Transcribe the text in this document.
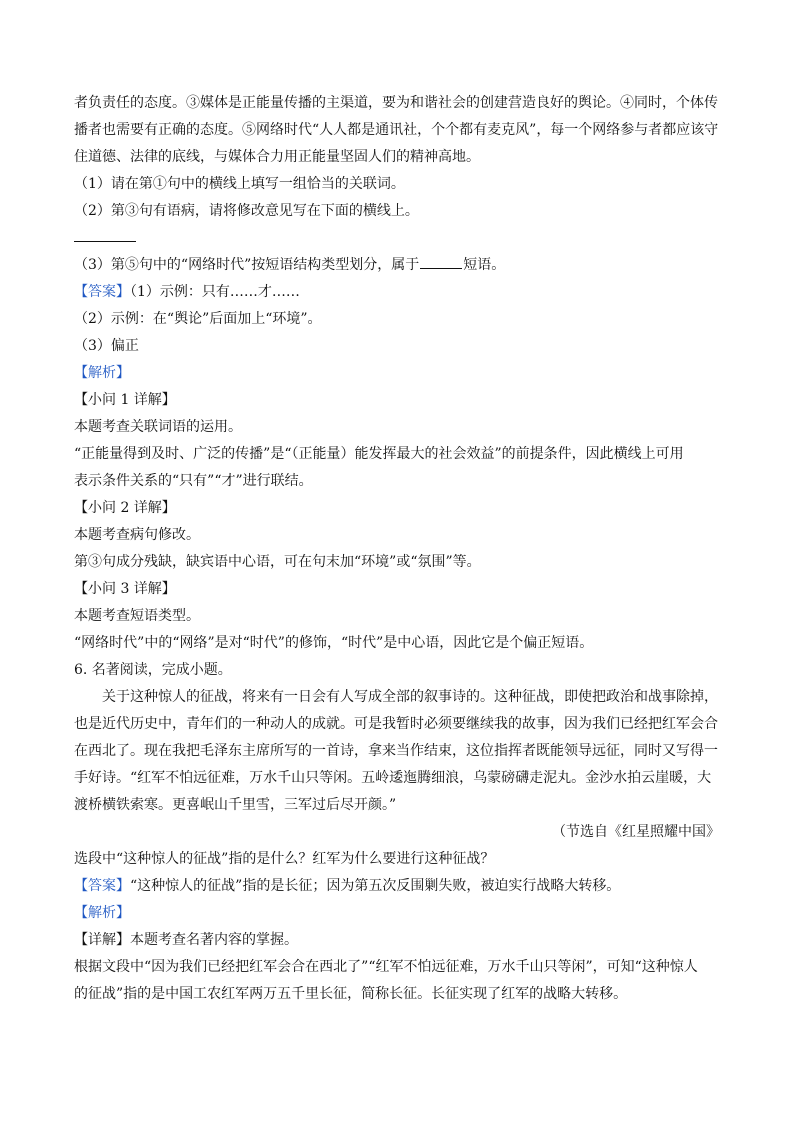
者负责任的态度。③媒体是正能量传播的主渠道，要为和谐社会的创建营造良好的舆论。④同时，个体传
播者也需要有正确的态度。⑤网络时代“人人都是通讯社，个个都有麦克风”，每一个网络参与者都应该守
住道德、法律的底线，与媒体合力用正能量坚固人们的精神高地。
（1）请在第①句中的横线上填写一组恰当的关联词。
（2）第③句有语病，请将修改意见写在下面的横线上。
（3）第⑤句中的“网络时代”按短语结构类型划分，属于	短语。
【答案】（1）示例：只有……才……
（2）示例：在“舆论”后面加上“环境”。
（3）偏正
【解析】
【小问 1 详解】
本题考查关联词语的运用。
“正能量得到及时、广泛的传播”是“（正能量）能发挥最大的社会效益”的前提条件，因此横线上可用
表示条件关系的“只有”“才”进行联结。
【小问 2 详解】
本题考查病句修改。
第③句成分残缺，缺宾语中心语，可在句末加“环境”或“氛围”等。
【小问 3 详解】
本题考查短语类型。
“网络时代”中的“网络”是对“时代”的修饰，“时代”是中心语，因此它是个偏正短语。
6. 名著阅读，完成小题。
关于这种惊人的征战，将来有一日会有人写成全部的叙事诗的。这种征战，即使把政治和战事除掉，
也是近代历史中，青年们的一种动人的成就。可是我暂时必须要继续我的故事，因为我们已经把红军会合
在西北了。现在我把毛泽东主席所写的一首诗，拿来当作结束，这位指挥者既能领导远征，同时又写得一
手好诗。“红军不怕远征难，万水千山只等闲。五岭逶迤腾细浪，乌蒙磅礴走泥丸。金沙水拍云崖暖，大
渡桥横铁索寒。更喜岷山千里雪，三军过后尽开颜。”
（节选自《红星照耀中国》
选段中“这种惊人的征战”指的是什么？红军为什么要进行这种征战？
【答案】“这种惊人的征战”指的是长征；因为第五次反围剿失败，被迫实行战略大转移。
【解析】
【详解】本题考查名著内容的掌握。
根据文段中“因为我们已经把红军会合在西北了”“红军不怕远征难，万水千山只等闲”，可知“这种惊人
的征战”指的是中国工农红军两万五千里长征，简称长征。长征实现了红军的战略大转移。
